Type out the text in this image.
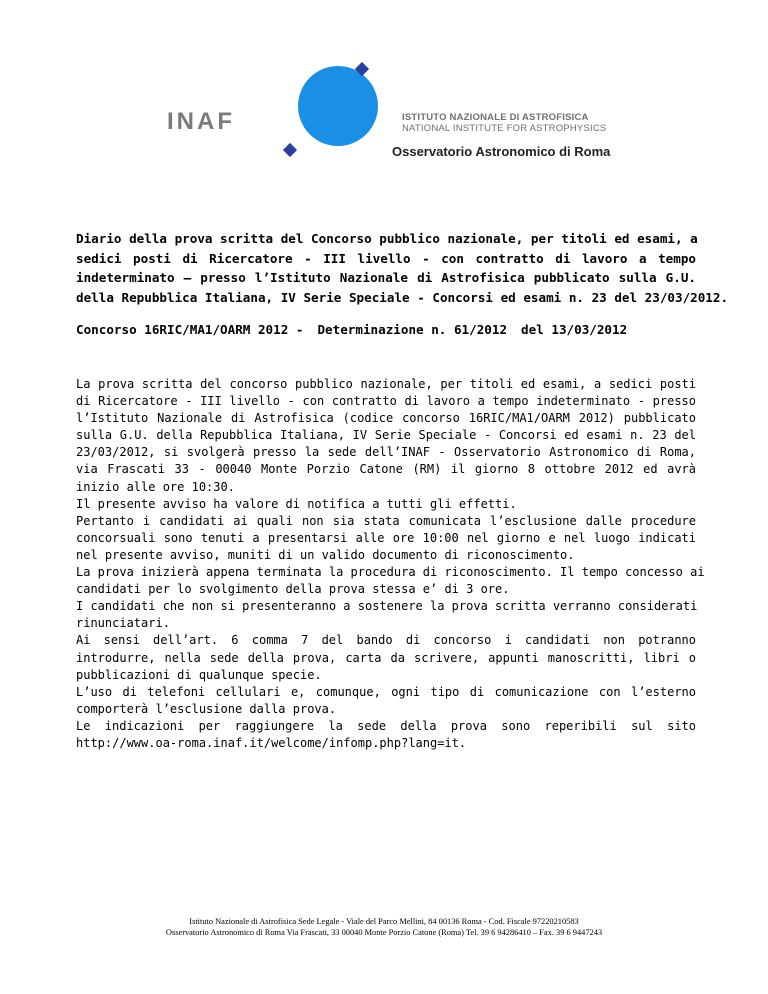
INAF	ISTITUTO NAZIONALE DI ASTROFISICA
NATIONAL INSTITUTE FOR ASTROPHYSICS
Osservatorio Astronomico di Roma
Diario della prova scritta del Concorso pubblico nazionale, per titoli ed esami, a
sedici posti di Ricercatore - III livello - con contratto di lavoro a tempo
indeterminato – presso l’Istituto Nazionale di Astrofisica pubblicato sulla G.U.
della Repubblica Italiana, IV Serie Speciale - Concorsi ed esami n. 23 del 23/03/2012.
Concorso 16RIC/MA1/OARM 2012 - Determinazione n. 61/2012 del 13/03/2012
La prova scritta del concorso pubblico nazionale, per titoli ed esami, a sedici posti
di Ricercatore - III livello - con contratto di lavoro a tempo indeterminato - presso
l’Istituto Nazionale di Astrofisica (codice concorso 16RIC/MA1/OARM 2012) pubblicato
sulla G.U. della Repubblica Italiana, IV Serie Speciale - Concorsi ed esami n. 23 del
23/03/2012, si svolgerà presso la sede dell’INAF - Osservatorio Astronomico di Roma,
via Frascati 33 - 00040 Monte Porzio Catone (RM) il giorno 8 ottobre 2012 ed avrà
inizio alle ore 10:30.
Il presente avviso ha valore di notifica a tutti gli effetti.
Pertanto i candidati ai quali non sia stata comunicata l’esclusione dalle procedure
concorsuali sono tenuti a presentarsi alle ore 10:00 nel giorno e nel luogo indicati
nel presente avviso, muniti di un valido documento di riconoscimento.
La prova inizierà appena terminata la procedura di riconoscimento. Il tempo concesso ai
candidati per lo svolgimento della prova stessa e’ di 3 ore.
I candidati che non si presenteranno a sostenere la prova scritta verranno considerati
rinunciatari.
Ai sensi dell’art. 6 comma 7 del bando di concorso i candidati non potranno
introdurre, nella sede della prova, carta da scrivere, appunti manoscritti, libri o
pubblicazioni di qualunque specie.
L’uso di telefoni cellulari e, comunque, ogni tipo di comunicazione con l’esterno
comporterà l’esclusione dalla prova.
Le indicazioni per raggiungere la sede della prova sono reperibili sul sito
http://www.oa-roma.inaf.it/welcome/infomp.php?lang=it.
Istituto Nazionale di Astrofisica Sede Legale - Viale del Parco Mellini, 84 00136 Roma - Cod. Fiscale 97220210583
Osservatorio Astronomico di Roma Via Frascati, 33 00040 Monte Porzio Catone (Roma) Tel. 39 6 94286410 – Fax. 39 6 9447243
